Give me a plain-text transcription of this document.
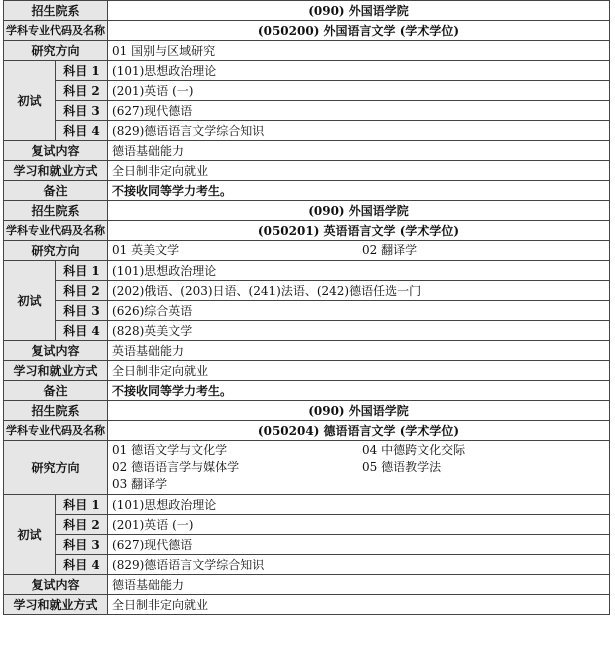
招生院系		(090) 外国语学院
学科专业代码及名称		(050200) 外国语言文学 (学术学位)
研究方向		01 国别与区域研究
初试	科目 1	(101)思想政治理论
	科目 2	(201)英语 (一)
	科目 3	(627)现代德语
	科目 4	(829)德语语言文学综合知识
复试内容		德语基础能力
学习和就业方式		全日制非定向就业
备注		不接收同等学力考生。
招生院系		(090) 外国语学院
学科专业代码及名称		(050201) 英语语言文学 (学术学位)
研究方向		01 英美文学 02 翻译学

初试	科目 1	(101)思想政治理论
	科目 2	(202)俄语、(203)日语、(241)法语、(242)德语任选一门
	科目 3	(626)综合英语
	科目 4	(828)英美文学
复试内容		英语基础能力
学习和就业方式		全日制非定向就业
备注		不接收同等学力考生。
招生院系		(090) 外国语学院
学科专业代码及名称		(050204) 德语语言文学 (学术学位)
研究方向		01 德语文学与文化学 04 中德跨文化交际
02 德语语言学与媒体学 05 德语教学法
03 翻译学

初试	科目 1	(101)思想政治理论
	科目 2	(201)英语 (一)
	科目 3	(627)现代德语
	科目 4	(829)德语语言文学综合知识
复试内容		德语基础能力
学习和就业方式		全日制非定向就业
